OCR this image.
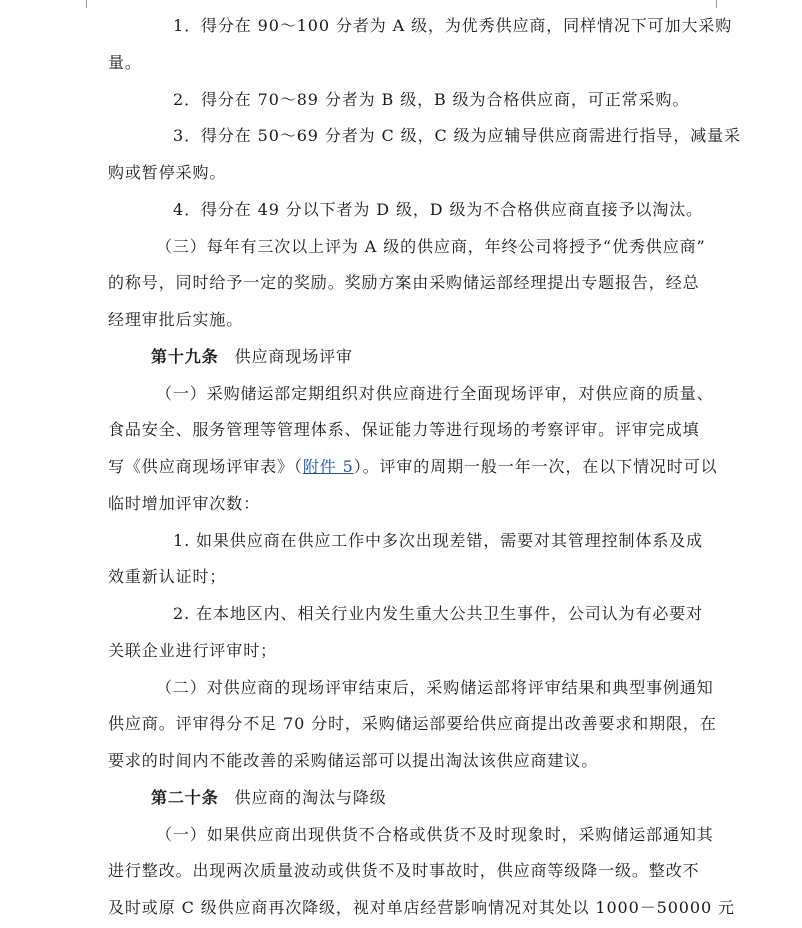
1．得分在 90～100 分者为 A 级，为优秀供应商，同样情况下可加大采购
量。
2．得分在 70～89 分者为 B 级，B 级为合格供应商，可正常采购。
3．得分在 50～69 分者为 C 级，C 级为应辅导供应商需进行指导，减量采
购或暂停采购。
4．得分在 49 分以下者为 D 级，D 级为不合格供应商直接予以淘汰。
（三）每年有三次以上评为 A 级的供应商，年终公司将授予“优秀供应商”
的称号，同时给予一定的奖励。奖励方案由采购储运部经理提出专题报告，经总
经理审批后实施。
第十九条 供应商现场评审
（一）采购储运部定期组织对供应商进行全面现场评审，对供应商的质量、
食品安全、服务管理等管理体系、保证能力等进行现场的考察评审。评审完成填
写《供应商现场评审表》（附件 5）。评审的周期一般一年一次，在以下情况时可以
临时增加评审次数：
1. 如果供应商在供应工作中多次出现差错，需要对其管理控制体系及成
效重新认证时；
2. 在本地区内、相关行业内发生重大公共卫生事件，公司认为有必要对
关联企业进行评审时；
（二）对供应商的现场评审结束后，采购储运部将评审结果和典型事例通知
供应商。评审得分不足 70 分时，采购储运部要给供应商提出改善要求和期限，在
要求的时间内不能改善的采购储运部可以提出淘汰该供应商建议。
第二十条 供应商的淘汰与降级
（一）如果供应商出现供货不合格或供货不及时现象时，采购储运部通知其
进行整改。出现两次质量波动或供货不及时事故时，供应商等级降一级。整改不
及时或原 C 级供应商再次降级，视对单店经营影响情况对其处以 1000－50000 元
